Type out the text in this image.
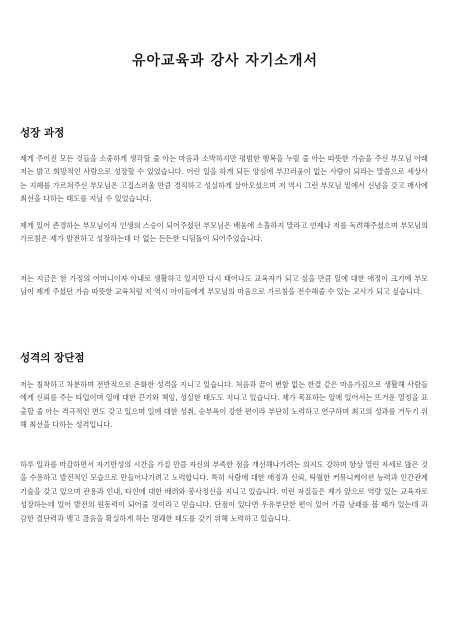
유아교육과 강사 자기소개서
성장 과정

제게 주어진 모든 것들을 소중하게 생각할 줄 아는 마음과 소박하지만 평범한 행복을 누릴 줄 아는 따뜻한 가슴을 주신 부모님 아래 저는 밝고 희망적인 사람으로 성장할 수 있었습니다. 어린 일을 하게 되든 양심에 부끄러움이 없는 사람이 되라는 말씀으로 세상사는 지혜를 가르쳐주신 부모님은 고집스러울 만큼 경직하고 성실하게 살아오셨으며 저 역시 그런 부모님 밑에서 신념을 갖고 매사에 최선을 다하는 태도를 지닐 수 있었습니다.

제게 있어 존경하는 부모님이자 인생의 스승이 되어주셨던 부모님은 배움에 소홀하지 말라고 언제나 저를 독려해주셨으며 부모님의 가르침은 제가 발전하고 성장하는데 더 없는 든든한 디딤돌이 되어주었습니다.

저는 지금은 한 가정의 어머니이자 아내로 생활하고 있지만 다시 태어나도 교육자가 되고 싶을 만큼 일에 대한 애정이 크기에 부모님이 제게 주셨던 가슴 따뜻한 교육처럼 저 역시 아이들에게 부모님의 마음으로 가르침을 전수해줄 수 있는 교사가 되고 싶습니다.

성격의 장단점

저는 침착하고 차분하며 전반적으로 온화한 성격을 지니고 있습니다. 처음과 끝이 변함 없는 한결 같은 마음가짐으로 생활해 사람들에게 신뢰를 주는 타입이며 일에 대한 끈기와 책임, 성실한 태도도 지니고 있습니다. 제가 목표하는 일에 있어서는 뜨거운 열정을 표출할 줄 아는 격극적인 면도 갖고 있으며 일에 대한 성취, 승부욕이 강한 편이라 부단히 노력하고 연구하며 최고의 성과를 거두기 위해 최선을 다하는 성격입니다.

하루 일과를 마감하면서 자기반성의 시간을 가질 만큼 자신의 부족한 점을 개선해나가려는 의지도 강하며 항상 열린 자세로 많은 것을 수용하고 발전적인 모습으로 만들어나가려고 노력합니다. 특히 사람에 대한 애정과 신뢰, 탁월한 커뮤니케이션 능력과 인간관계 기술을 갖고 있으며 관용과 인내, 타인에 대한 배려와 봉사정신을 지니고 있습니다. 이런 자질들은 제가 앞으로 역량 있는 교육자로 성장하는데 있어 발전의 원동력이 되어줄 것이라고 믿습니다. 단점이 있다면 우유부단한 편이 있어 가끔 낭패를 볼 때가 있는데 과감한 결단력과 맺고 끊음을 확실하게 하는 명쾌한 태도를 갖기 위해 노력하고 있습니다.
